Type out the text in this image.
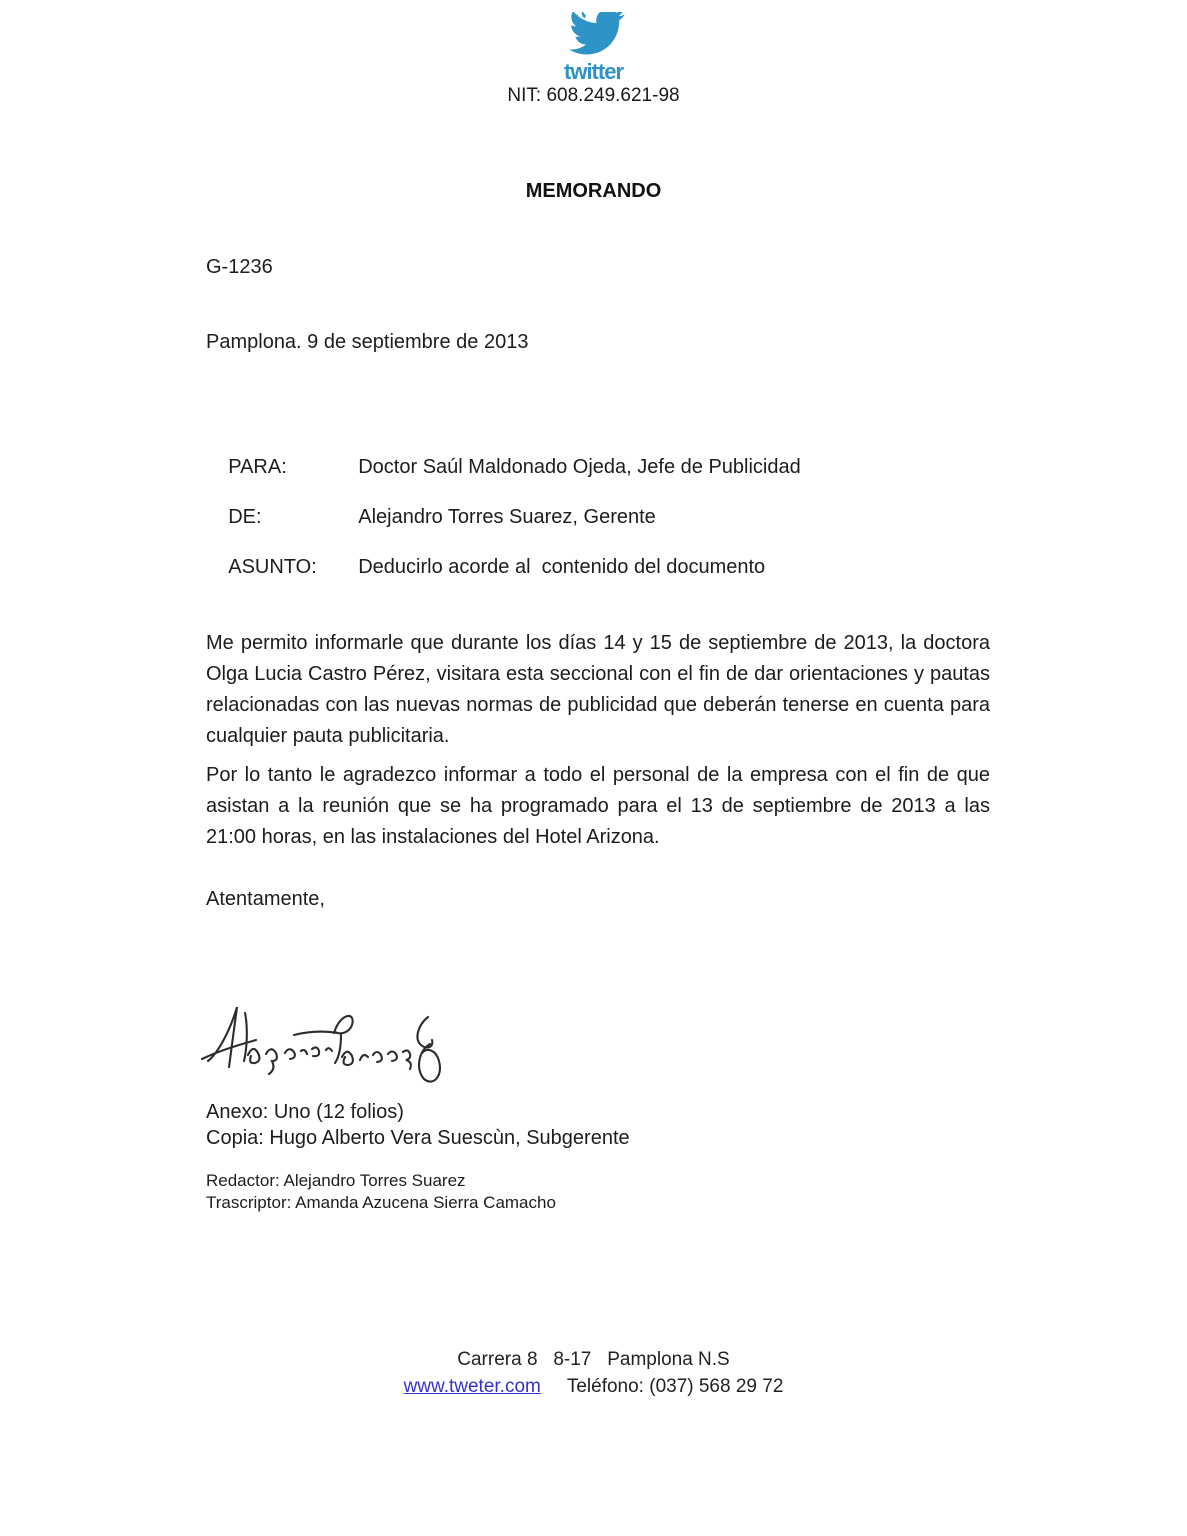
twitter
NIT: 608.249.621-98
MEMORANDO
G-1236
Pamplona. 9 de septiembre de 2013

PARA:	Doctor Saúl Maldonado Ojeda, Jefe de Publicidad

DE:	Alejandro Torres Suarez, Gerente

ASUNTO: Deducirlo acorde al  contenido del documento

Me permito informarle que durante los días 14 y 15 de septiembre de 2013, la doctora Olga Lucia Castro Pérez, visitara esta seccional con el fin de dar orientaciones y pautas relacionadas con las nuevas normas de publicidad que deberán tenerse en cuenta para cualquier pauta publicitaria.

Por lo tanto le agradezco informar a todo el personal de la empresa con el fin de que asistan a la reunión que se ha programado para el 13 de septiembre de 2013 a las 21:00 horas, en las instalaciones del Hotel Arizona.

Atentamente,
Anexo: Uno (12 folios)
Copia: Hugo Alberto Vera Suescùn, Subgerente
Redactor: Alejandro Torres Suarez
Trascriptor: Amanda Azucena Sierra Camacho
Carrera 8   8-17   Pamplona N.S
www.tweter.com Teléfono: (037) 568 29 72
